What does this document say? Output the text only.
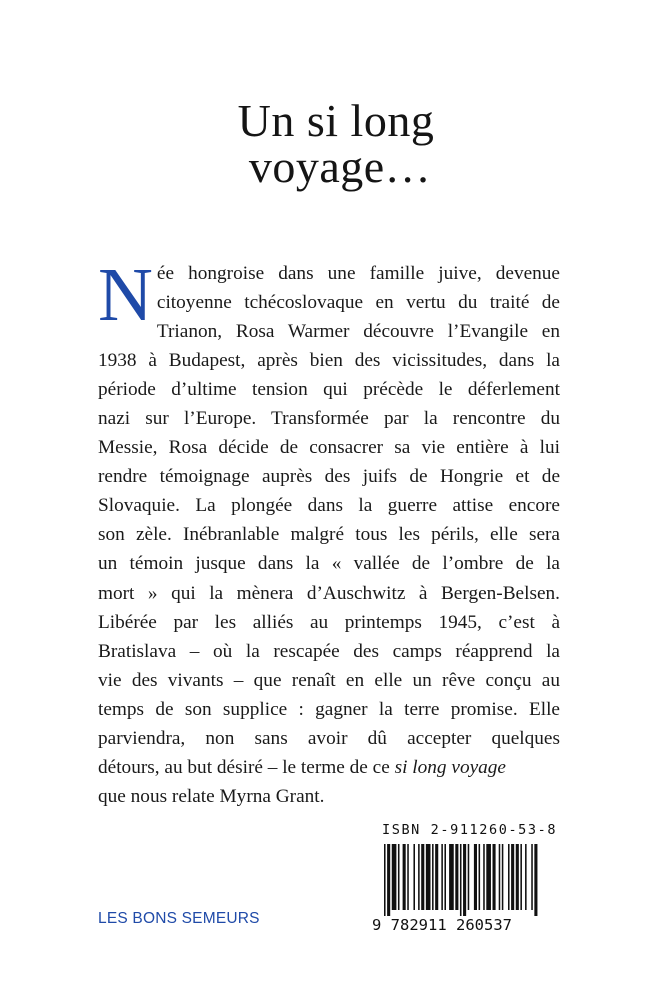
Un si long
voyage…
N ée hongroise dans une famille juive, devenue
citoyenne tchécoslovaque en vertu du traité de
Trianon, Rosa Warmer découvre l’Evangile en
1938 à Budapest, après bien des vicissitudes, dans la
période d’ultime tension qui précède le déferlement
nazi sur l’Europe. Transformée par la rencontre du
Messie, Rosa décide de consacrer sa vie entière à lui
rendre témoignage auprès des juifs de Hongrie et de
Slovaquie. La plongée dans la guerre attise encore
son zèle. Inébranlable malgré tous les périls, elle sera
un témoin jusque dans la « vallée de l’ombre de la
mort » qui la mènera d’Auschwitz à Bergen-Belsen.
Libérée par les alliés au printemps 1945, c’est à
Bratislava – où la rescapée des camps réapprend la
vie des vivants – que renaît en elle un rêve conçu au
temps de son supplice : gagner la terre promise. Elle
parviendra, non sans avoir dû accepter quelques
détours, au but désiré – le terme de ce si long voyage
que nous relate Myrna Grant.
ISBN 2-911260-53-8
9 782911 260537
LES BONS SEMEURS
